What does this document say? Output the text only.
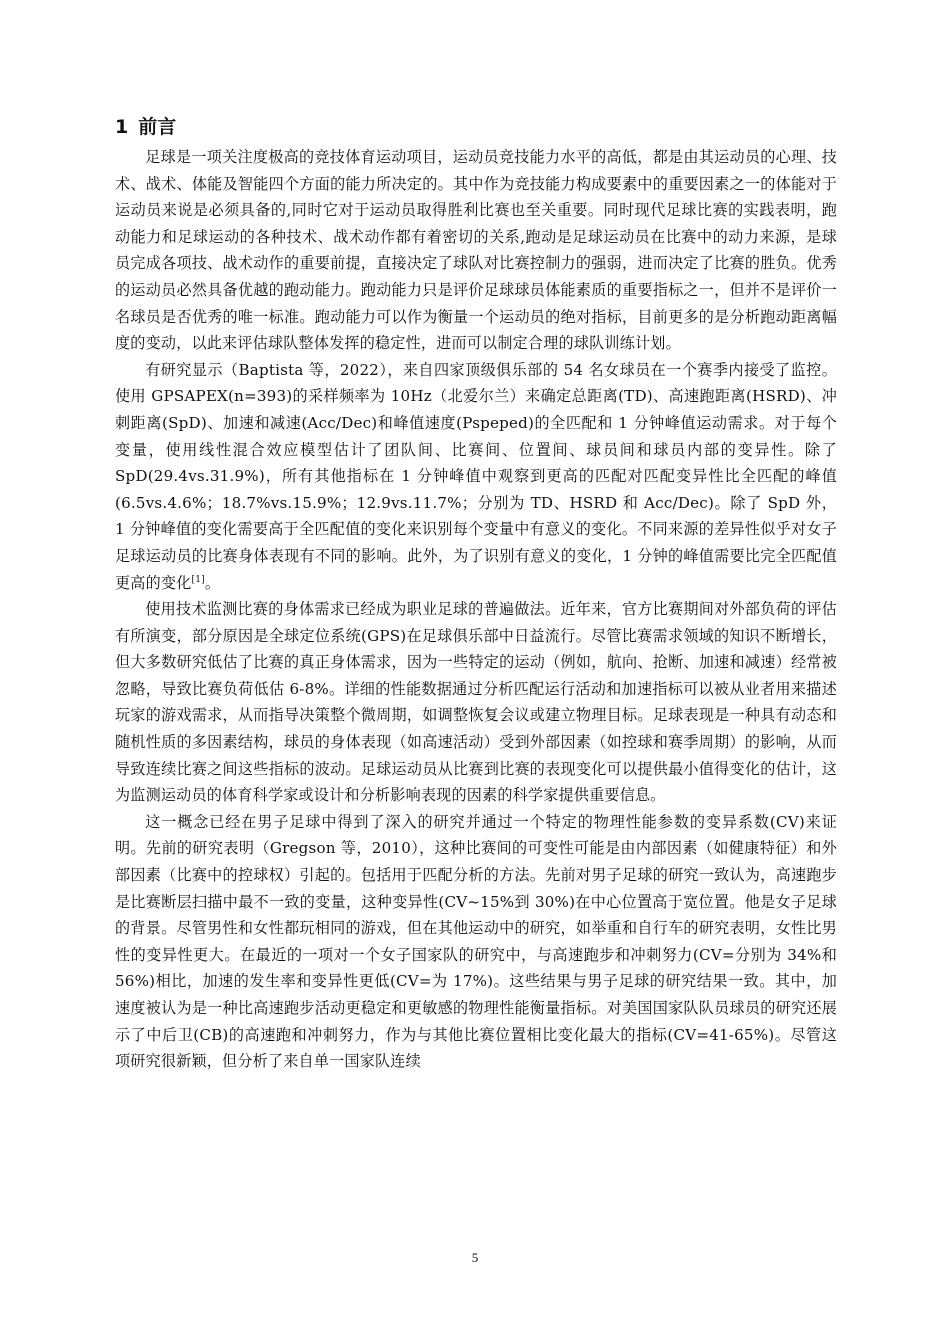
1 前言

足球是一项关注度极高的竞技体育运动项目，运动员竞技能力水平的高低，都是由其运动员的心理、技术、战术、体能及智能四个方面的能力所决定的。其中作为竞技能力构成要素中的重要因素之一的体能对于运动员来说是必须具备的,同时它对于运动员取得胜利比赛也至关重要。同时现代足球比赛的实践表明，跑动能力和足球运动的各种技术、战术动作都有着密切的关系,跑动是足球运动员在比赛中的动力来源，是球员完成各项技、战术动作的重要前提，直接决定了球队对比赛控制力的强弱，进而决定了比赛的胜负。优秀的运动员必然具备优越的跑动能力。跑动能力只是评价足球球员体能素质的重要指标之一，但并不是评价一名球员是否优秀的唯一标准。跑动能力可以作为衡量一个运动员的绝对指标，目前更多的是分析跑动距离幅度的变动，以此来评估球队整体发挥的稳定性，进而可以制定合理的球队训练计划。

有研究显示（Baptista 等，2022），来自四家顶级俱乐部的 54 名女球员在一个赛季内接受了监控。使用 GPSAPEX(n=393)的采样频率为 10Hz（北爱尔兰）来确定总距离(TD)、高速跑距离(HSRD)、冲刺距离(SpD)、加速和减速(Acc/Dec)和峰值速度(Pspeped)的全匹配和 1 分钟峰值运动需求。对于每个变量，使用线性混合效应模型估计了团队间、比赛间、位置间、球员间和球员内部的变异性。除了 SpD(29.4vs.31.9%)，所有其他指标在 1 分钟峰值中观察到更高的匹配对匹配变异性比全匹配的峰值(6.5vs.4.6%；18.7%vs.15.9%；12.9vs.11.7%；分别为 TD、HSRD 和 Acc/Dec)。除了 SpD 外，1 分钟峰值的变化需要高于全匹配值的变化来识别每个变量中有意义的变化。不同来源的差异性似乎对女子足球运动员的比赛身体表现有不同的影响。此外，为了识别有意义的变化，1 分钟的峰值需要比完全匹配值更高的变化[1]。

使用技术监测比赛的身体需求已经成为职业足球的普遍做法。近年来，官方比赛期间对外部负荷的评估有所演变，部分原因是全球定位系统(GPS)在足球俱乐部中日益流行。尽管比赛需求领域的知识不断增长，但大多数研究低估了比赛的真正身体需求，因为一些特定的运动（例如，航向、抢断、加速和减速）经常被忽略，导致比赛负荷低估 6-8%。详细的性能数据通过分析匹配运行活动和加速指标可以被从业者用来描述玩家的游戏需求，从而指导决策整个微周期，如调整恢复会议或建立物理目标。足球表现是一种具有动态和随机性质的多因素结构，球员的身体表现（如高速活动）受到外部因素（如控球和赛季周期）的影响，从而导致连续比赛之间这些指标的波动。足球运动员从比赛到比赛的表现变化可以提供最小值得变化的估计，这为监测运动员的体育科学家或设计和分析影响表现的因素的科学家提供重要信息。

这一概念已经在男子足球中得到了深入的研究并通过一个特定的物理性能参数的变异系数(CV)来证明。先前的研究表明（Gregson 等，2010），这种比赛间的可变性可能是由内部因素（如健康特征）和外部因素（比赛中的控球权）引起的。包括用于匹配分析的方法。先前对男子足球的研究一致认为，高速跑步是比赛断层扫描中最不一致的变量，这种变异性(CV~15%到 30%)在中心位置高于宽位置。他是女子足球的背景。尽管男性和女性都玩相同的游戏，但在其他运动中的研究，如举重和自行车的研究表明，女性比男性的变异性更大。在最近的一项对一个女子国家队的研究中，与高速跑步和冲刺努力(CV=分别为 34%和 56%)相比，加速的发生率和变异性更低(CV=为 17%)。这些结果与男子足球的研究结果一致。其中，加速度被认为是一种比高速跑步活动更稳定和更敏感的物理性能衡量指标。对美国国家队队员球员的研究还展示了中后卫(CB)的高速跑和冲刺努力，作为与其他比赛位置相比变化最大的指标(CV=41-65%)。尽管这项研究很新颖，但分析了来自单一国家队连续

5
